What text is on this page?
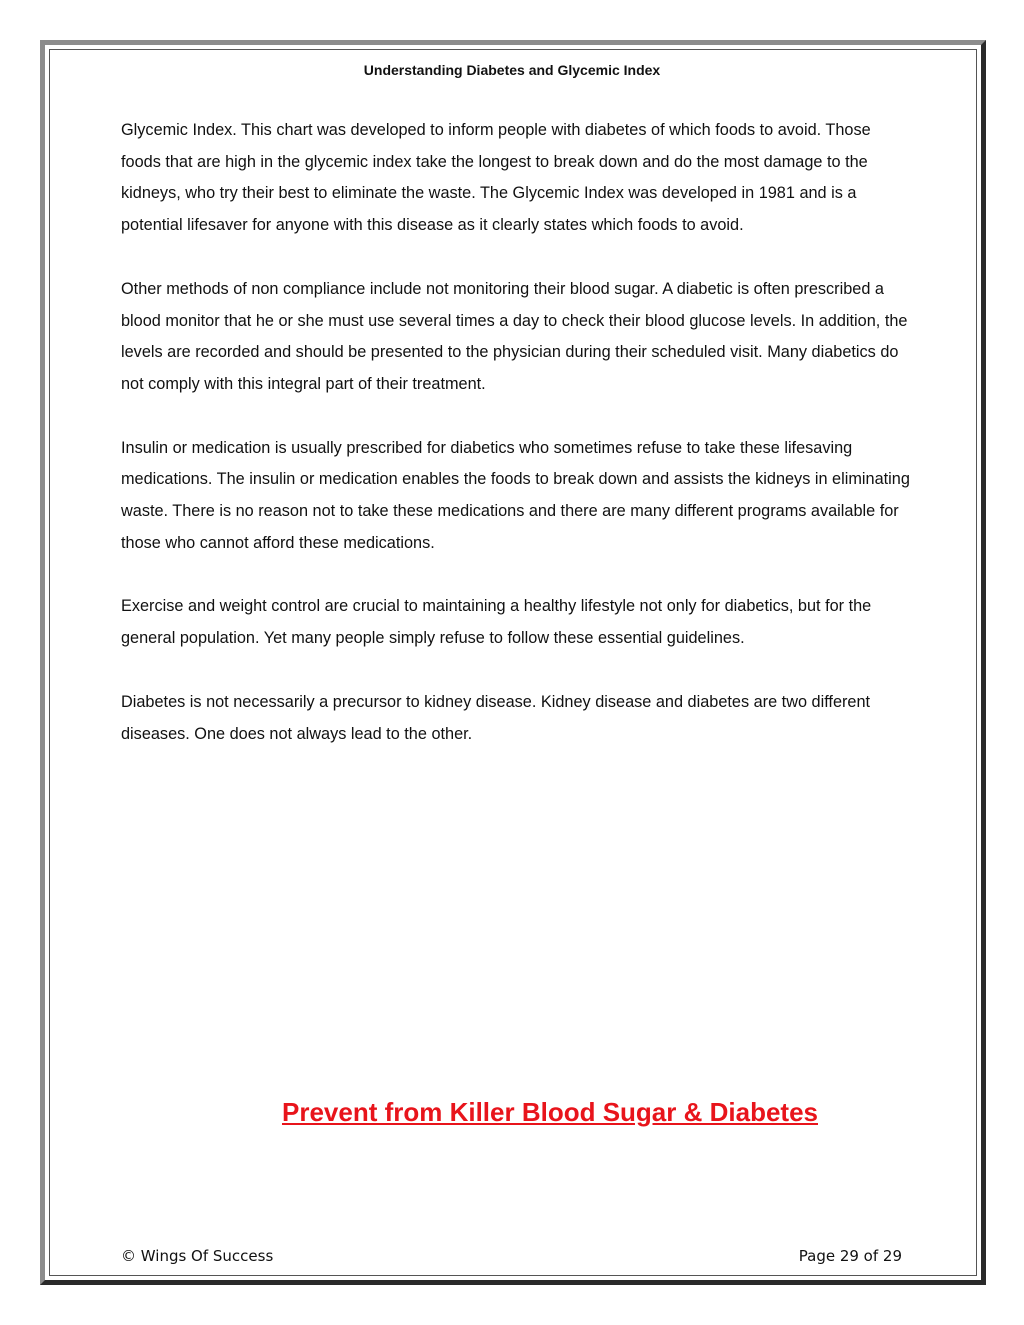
Understanding Diabetes and Glycemic Index

Glycemic Index. This chart was developed to inform people with diabetes of which foods to avoid. Those foods that are high in the glycemic index take the longest to break down and do the most damage to the kidneys, who try their best to eliminate the waste. The Glycemic Index was developed in 1981 and is a potential lifesaver for anyone with this disease as it clearly states which foods to avoid.

Other methods of non compliance include not monitoring their blood sugar. A diabetic is often prescribed a blood monitor that he or she must use several times a day to check their blood glucose levels. In addition, the levels are recorded and should be presented to the physician during their scheduled visit. Many diabetics do not comply with this integral part of their treatment.

Insulin or medication is usually prescribed for diabetics who sometimes refuse to take these lifesaving medications. The insulin or medication enables the foods to break down and assists the kidneys in eliminating waste. There is no reason not to take these medications and there are many different programs available for those who cannot afford these medications.

Exercise and weight control are crucial to maintaining a healthy lifestyle not only for diabetics, but for the general population. Yet many people simply refuse to follow these essential guidelines.

Diabetes is not necessarily a precursor to kidney disease. Kidney disease and diabetes are two different diseases. One does not always lead to the other.

Prevent from Killer Blood Sugar & Diabetes
© Wings Of Success	Page 29 of 29
